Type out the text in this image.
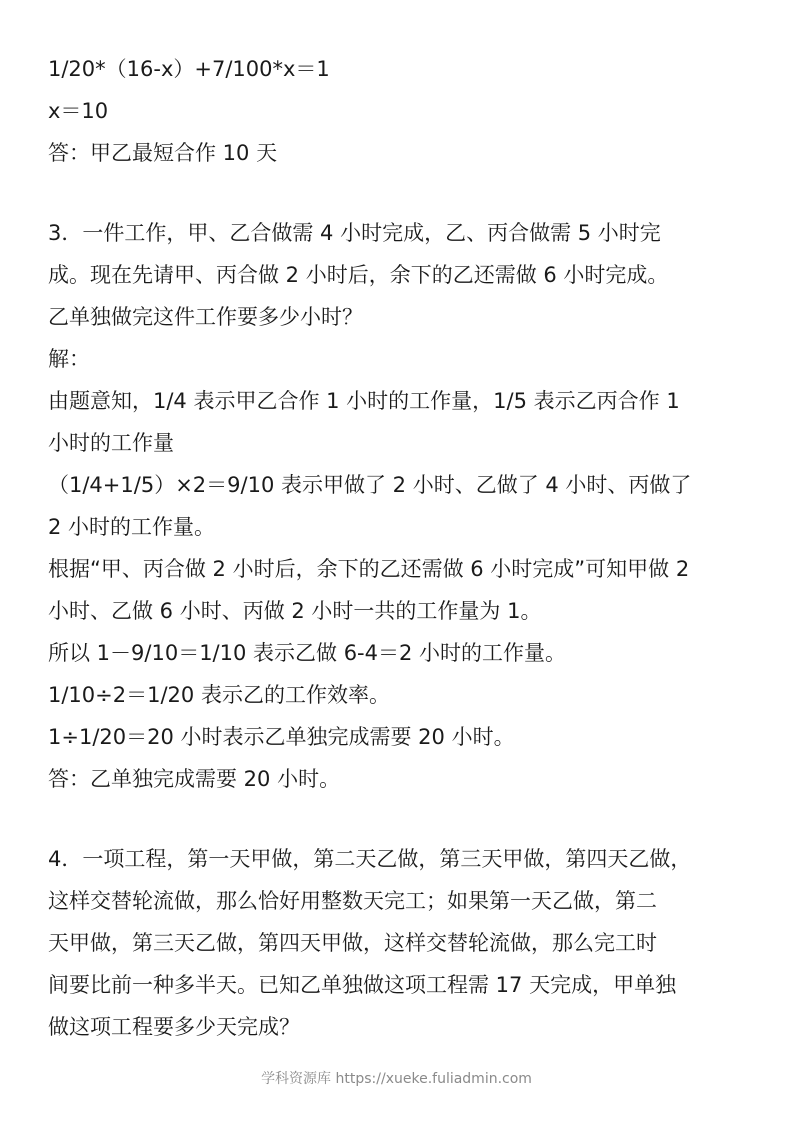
1/20*（16-x）+7/100*x＝1
x＝10
答：甲乙最短合作 10 天
3．一件工作，甲、乙合做需 4 小时完成，乙、丙合做需 5 小时完
成。现在先请甲、丙合做 2 小时后，余下的乙还需做 6 小时完成。
乙单独做完这件工作要多少小时？
解：
由题意知，1/4 表示甲乙合作 1 小时的工作量，1/5 表示乙丙合作 1
小时的工作量
（1/4+1/5）×2＝9/10 表示甲做了 2 小时、乙做了 4 小时、丙做了
2 小时的工作量。
根据“甲、丙合做 2 小时后，余下的乙还需做 6 小时完成”可知甲做 2
小时、乙做 6 小时、丙做 2 小时一共的工作量为 1。
所以 1－9/10＝1/10 表示乙做 6-4＝2 小时的工作量。
1/10÷2＝1/20 表示乙的工作效率。
1÷1/20＝20 小时表示乙单独完成需要 20 小时。
答：乙单独完成需要 20 小时。
4．一项工程，第一天甲做，第二天乙做，第三天甲做，第四天乙做，
这样交替轮流做，那么恰好用整数天完工；如果第一天乙做，第二
天甲做，第三天乙做，第四天甲做，这样交替轮流做，那么完工时
间要比前一种多半天。已知乙单独做这项工程需 17 天完成，甲单独
做这项工程要多少天完成？
学科资源库 https://xueke.fuliadmin.com
